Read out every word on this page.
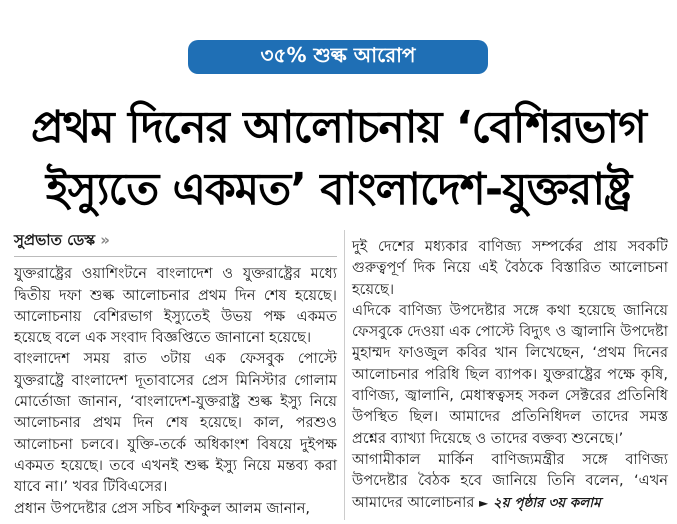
৩৫% শুল্ক আরোপ
প্রথম দিনের আলোচনায় ‘বেশিরভাগ
ইস্যুতে একমত’ বাংলাদেশ-যুক্তরাষ্ট্র
সুপ্রভাত ডেস্ক »

যুক্তরাষ্ট্রের ওয়াশিংটনে বাংলাদেশ ও যুক্তরাষ্ট্রের মধ্যে দ্বিতীয় দফা শুল্ক আলোচনার প্রথম দিন শেষ হয়েছে। আলোচনায় বেশিরভাগ ইস্যুতেই উভয় পক্ষ একমত হয়েছে বলে এক সংবাদ বিজ্ঞপ্তিতে জানানো হয়েছে।

বাংলাদেশ সময় রাত ৩টায় এক ফেসবুক পোস্টে যুক্তরাষ্ট্রে বাংলাদেশ দূতাবাসের প্রেস মিনিস্টার গোলাম মোর্তোজা জানান, ‘বাংলাদেশ-যুক্তরাষ্ট্র শুল্ক ইস্যু নিয়ে আলোচনার প্রথম দিন শেষ হয়েছে। কাল, পরশুও আলোচনা চলবে। যুক্তি-তর্কে অধিকাংশ বিষয়ে দুইপক্ষ একমত হয়েছে। তবে এখনই শুল্ক ইস্যু নিয়ে মন্তব্য করা যাবে না।’ খবর টিবিএসের।

প্রধান উপদেষ্টার প্রেস সচিব শফিকুল আলম জানান,

দুই দেশের মধ্যকার বাণিজ্য সম্পর্কের প্রায় সবকটি গুরুত্বপূর্ণ দিক নিয়ে এই বৈঠকে বিস্তারিত আলোচনা হয়েছে।

এদিকে বাণিজ্য উপদেষ্টার সঙ্গে কথা হয়েছে জানিয়ে ফেসবুকে দেওয়া এক পোস্টে বিদ্যুৎ ও জ্বালানি উপদেষ্টা মুহাম্মদ ফাওজুল কবির খান লিখেছেন, ‘প্রথম দিনের আলোচনার পরিধি ছিল ব্যাপক। যুক্তরাষ্ট্রের পক্ষে কৃষি, বাণিজ্য, জ্বালানি, মেধাস্বত্বসহ সকল সেক্টরের প্রতিনিধি উপস্থিত ছিল। আমাদের প্রতিনিধিদল তাদের সমস্ত প্রশ্নের ব্যাখ্যা দিয়েছে ও তাদের বক্তব্য শুনেছে।’

আগামীকাল মার্কিন বাণিজ্যমন্ত্রীর সঙ্গে বাণিজ্য উপদেষ্টার বৈঠক হবে জানিয়ে তিনি বলেন, ‘এখন আমাদের আলোচনার ► ২য় পৃষ্ঠার ৩য় কলাম
